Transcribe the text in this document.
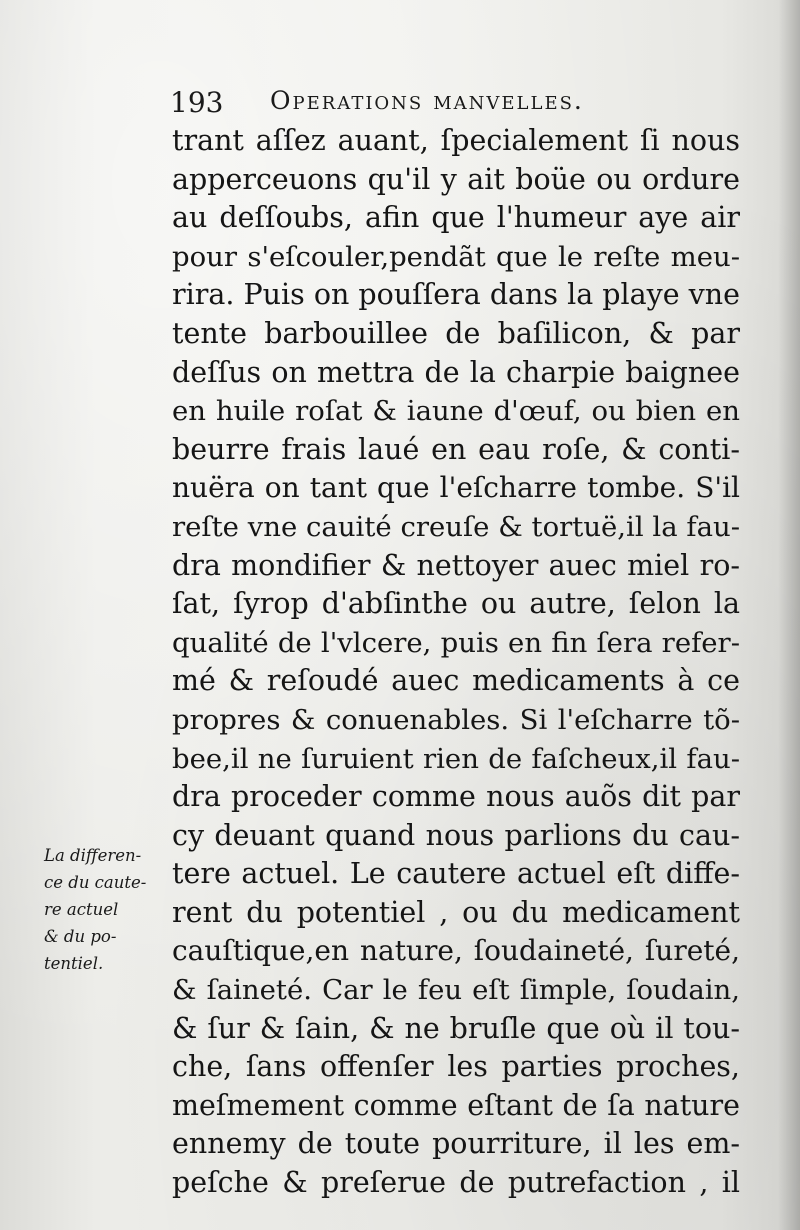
193 Operations manvelles.
trant aſſez auant, ſpecialement ſi nous
apperceuons qu'il y ait boüe ou ordure
au deſſoubs, afin que l'humeur aye air
pour s'eſcouler,pendãt que le reſte meu-
rira. Puis on pouſſera dans la playe vne
tente barbouillee de baſilicon, & par
deſſus on mettra de la charpie baignee
en huile roſat & iaune d'œuf, ou bien en
beurre frais laué en eau roſe, & conti-
nuëra on tant que l'eſcharre tombe. S'il
reſte vne cauité creuſe & tortuë,il la fau-
dra mondifier & nettoyer auec miel ro-
ſat, ſyrop d'abſinthe ou autre, ſelon la
qualité de l'vlcere, puis en fin ſera refer-
mé & reſoudé auec medicaments à ce
propres & conuenables. Si l'eſcharre tõ-
bee,il ne ſuruient rien de faſcheux,il fau-
dra proceder comme nous auõs dit par
cy deuant quand nous parlions du cau-
tere actuel. Le cautere actuel eſt diffe-
rent du potentiel , ou du medicament
cauſtique,en nature, ſoudaineté, ſureté,
& ſaineté. Car le feu eſt ſimple, ſoudain,
& ſur & ſain, & ne bruſle que où il tou-
che, ſans offenſer les parties proches,
meſmement comme eſtant de ſa nature
ennemy de toute pourriture, il les em-
peſche & preſerue de putrefaction , il
La differen-
ce du caute-
re actuel
& du po-
tentiel.
